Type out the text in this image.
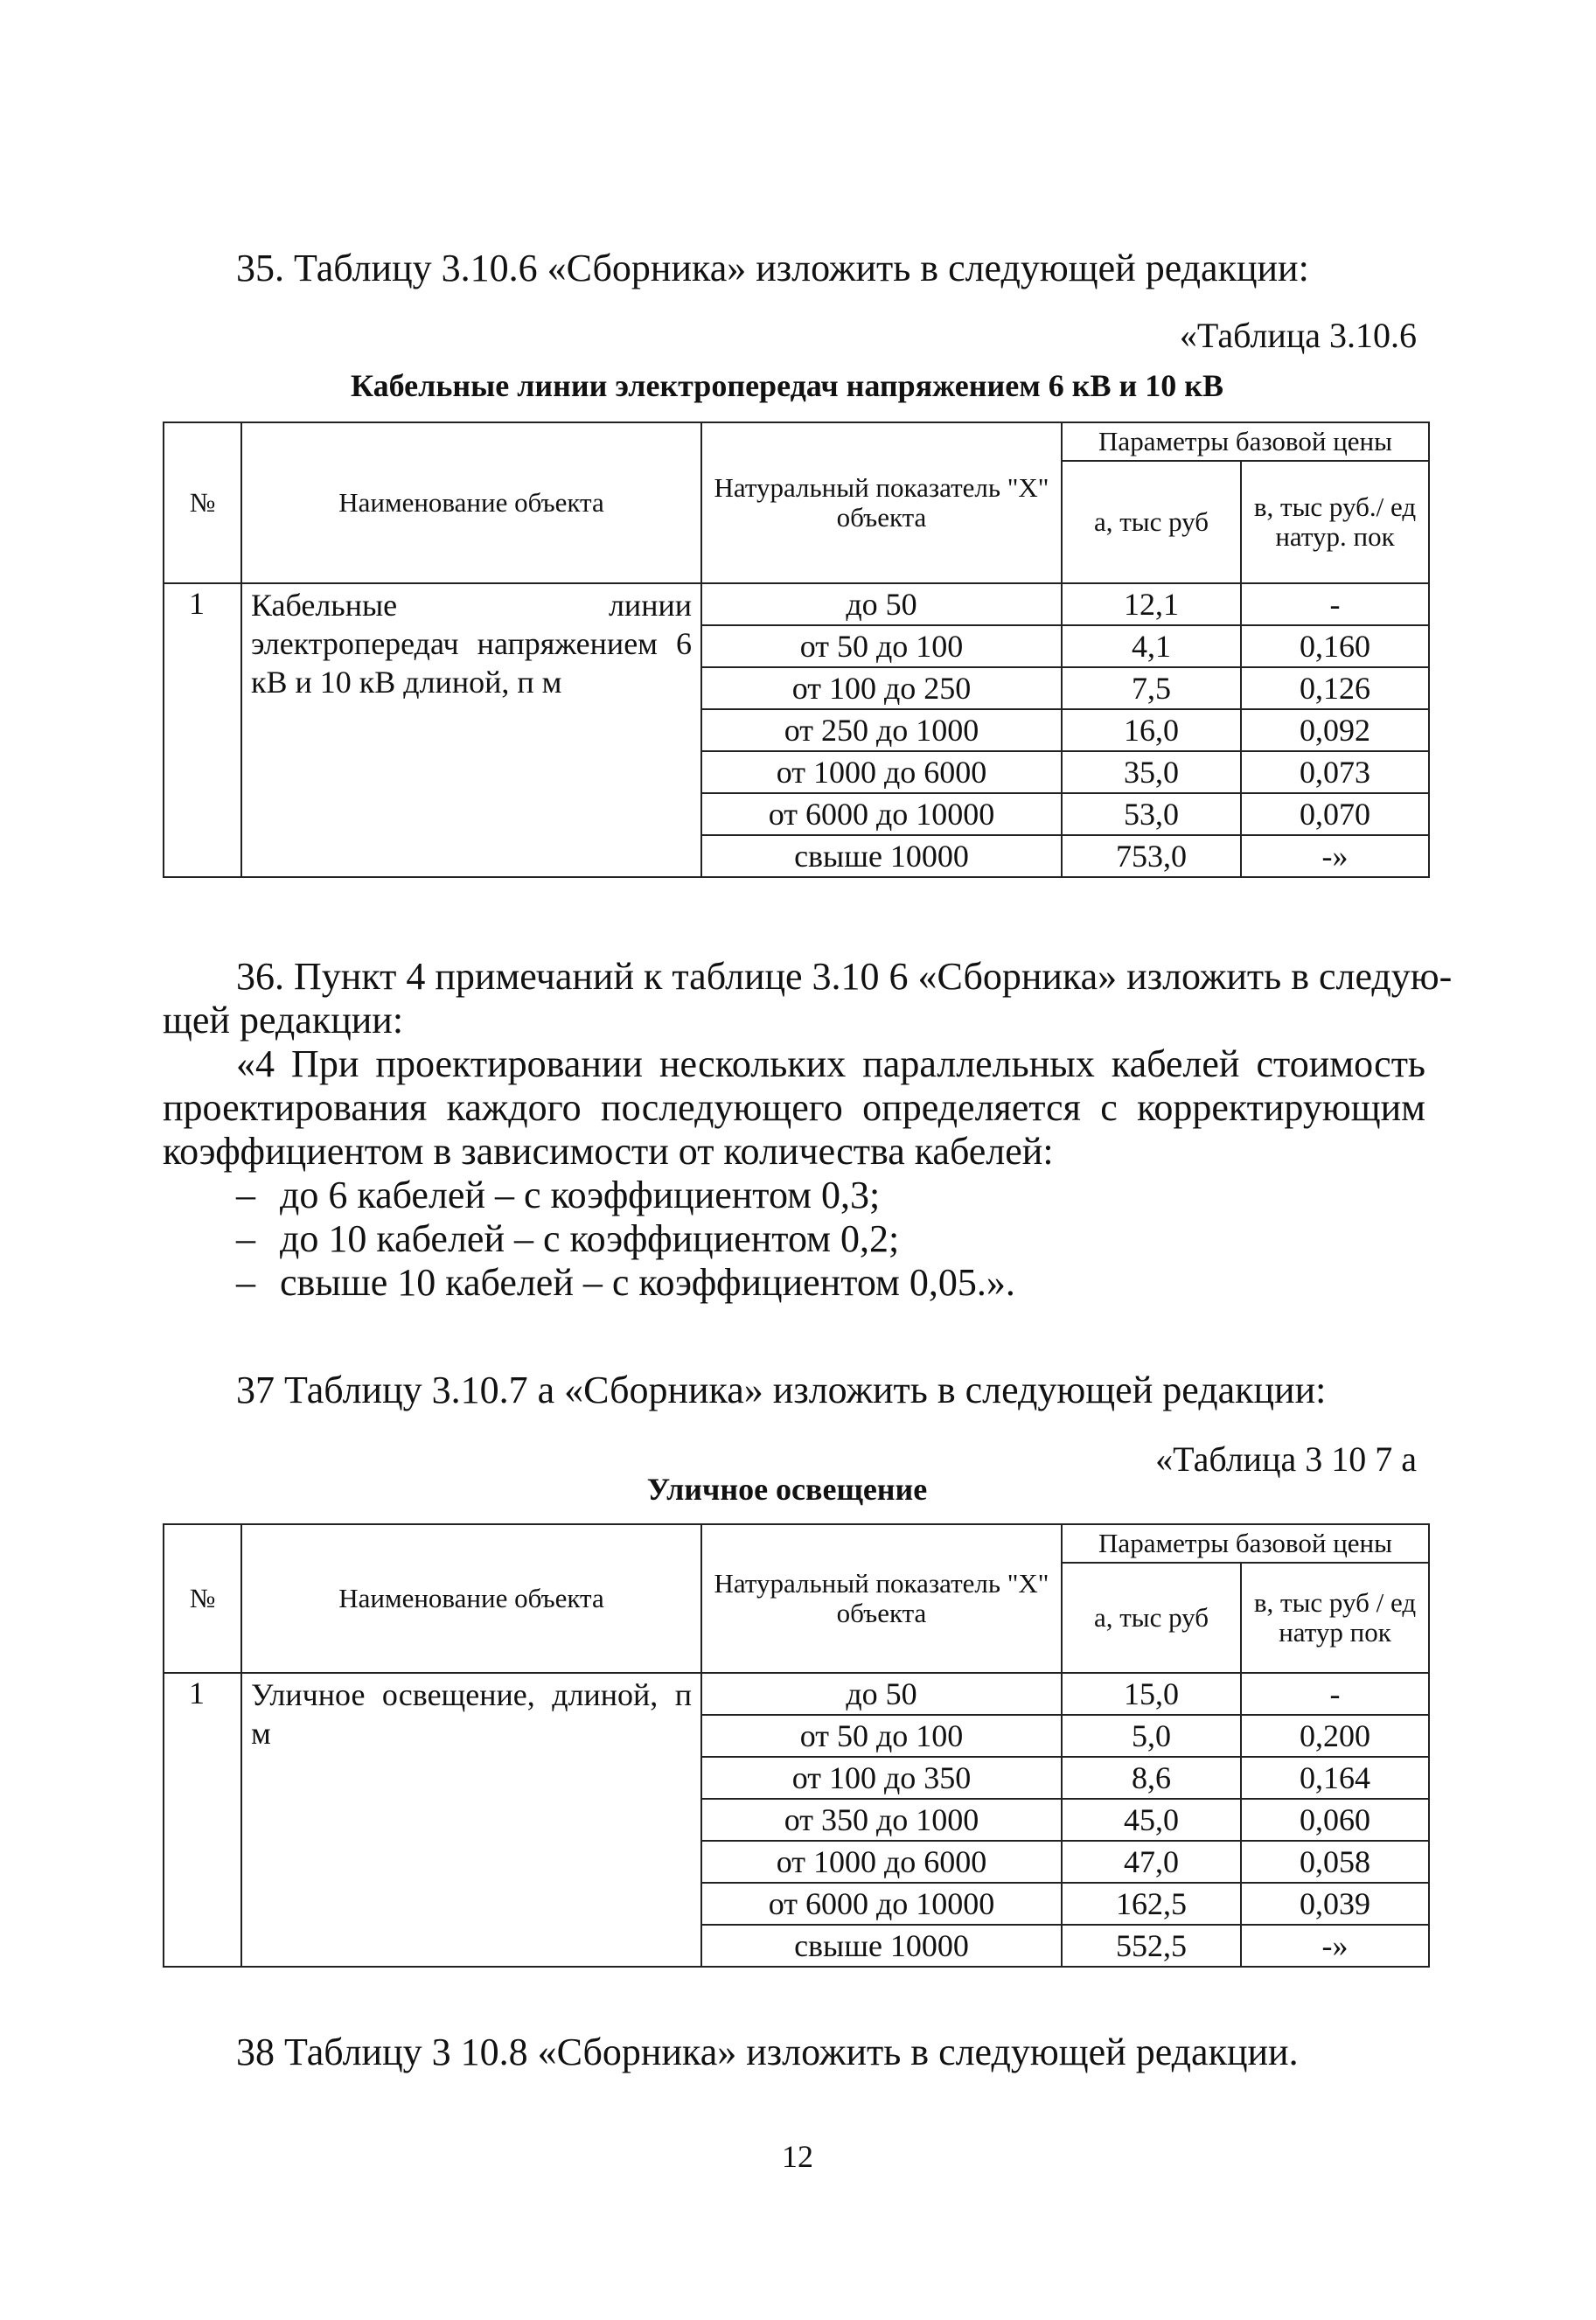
35. Таблицу 3.10.6 «Сборника» изложить в следующей редакции:
«Таблица 3.10.6
Кабельные линии электропередач напряжением 6 кВ и 10 кВ
№	Наименование объекта	Натуральный показатель "X" объекта	Параметры базовой цены	
			а, тыс руб	в, тыс руб./ ед натур. пок
1	Кабельные линии электропередач напряжением 6 кВ и 10 кВ длиной, п м	до 50	12,1	-
		от 50 до 100	4,1	0,160
		от 100 до 250	7,5	0,126
		от 250 до 1000	16,0	0,092
		от 1000 до 6000	35,0	0,073
		от 6000 до 10000	53,0	0,070
		свыше 10000	753,0	-»
36. Пункт 4 примечаний к таблице 3.10 6 «Сборника» изложить в следую-
щей редакции:
«4 При проектировании нескольких параллельных кабелей стоимость
проектирования каждого последующего определяется с корректирующим
коэффициентом в зависимости от количества кабелей:
– до 6 кабелей – с коэффициентом 0,3;
– до 10 кабелей – с коэффициентом 0,2;
– свыше 10 кабелей – с коэффициентом 0,05.».
37 Таблицу 3.10.7 а «Сборника» изложить в следующей редакции:
«Таблица 3 10 7 а
Уличное освещение
№	Наименование объекта	Натуральный показатель "X" объекта	Параметры базовой цены	
			а, тыс руб	в, тыс руб / ед натур пок
1	Уличное освещение, длиной, п м	до 50	15,0	-
		от 50 до 100	5,0	0,200
		от 100 до 350	8,6	0,164
		от 350 до 1000	45,0	0,060
		от 1000 до 6000	47,0	0,058
		от 6000 до 10000	162,5	0,039
		свыше 10000	552,5	-»
38 Таблицу 3 10.8 «Сборника» изложить в следующей редакции.
12
